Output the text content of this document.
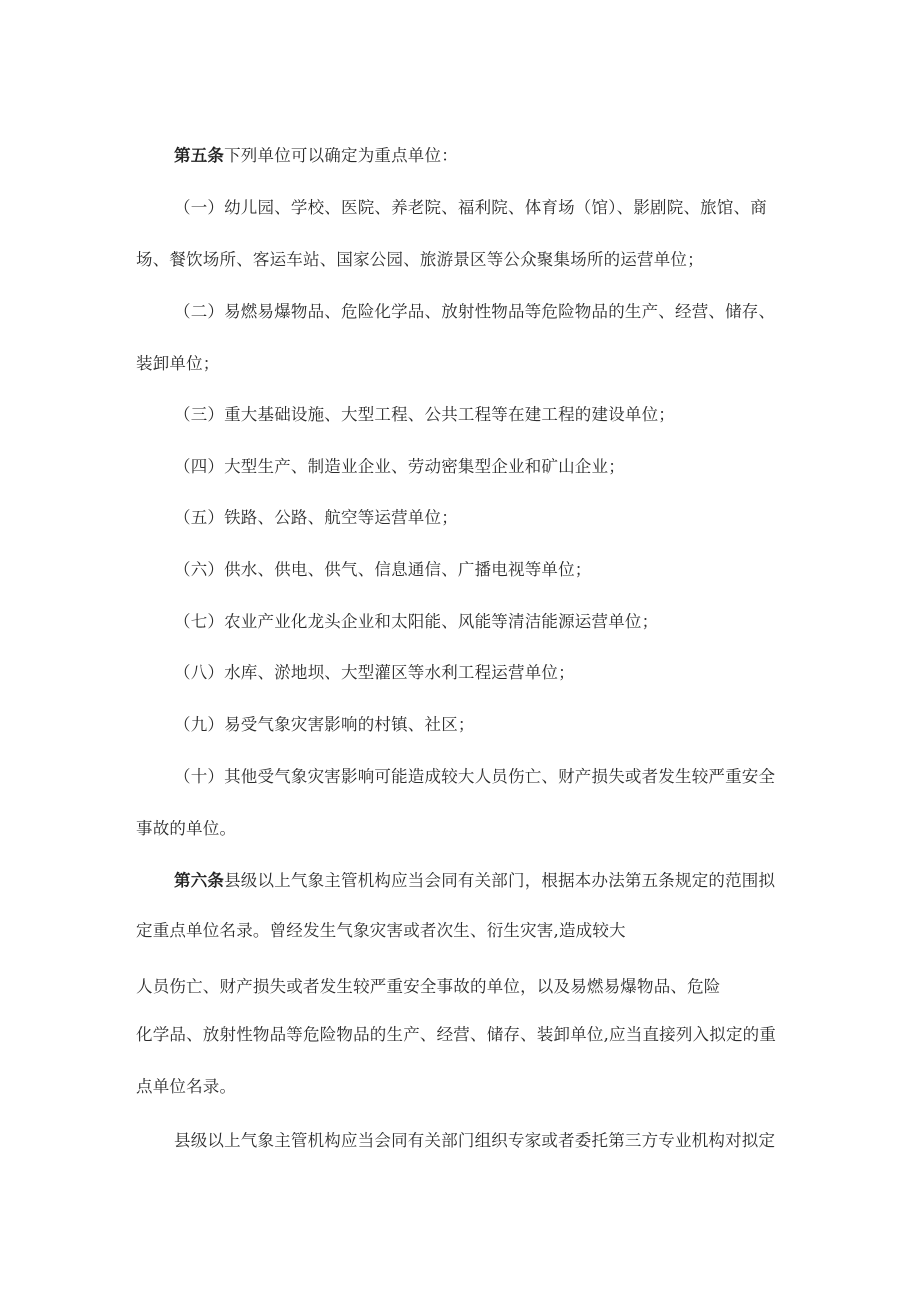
第五条下列单位可以确定为重点单位：
（一）幼儿园、学校、医院、养老院、福利院、体育场（馆）、影剧院、旅馆、商
场、餐饮场所、客运车站、国家公园、旅游景区等公众聚集场所的运营单位；
（二）易燃易爆物品、危险化学品、放射性物品等危险物品的生产、经营、储存、
装卸单位；
（三）重大基础设施、大型工程、公共工程等在建工程的建设单位；
（四）大型生产、制造业企业、劳动密集型企业和矿山企业；
（五）铁路、公路、航空等运营单位；
（六）供水、供电、供气、信息通信、广播电视等单位；
（七）农业产业化龙头企业和太阳能、风能等清洁能源运营单位；
（八）水库、淤地坝、大型灌区等水利工程运营单位；
（九）易受气象灾害影响的村镇、社区；
（十）其他受气象灾害影响可能造成较大人员伤亡、财产损失或者发生较严重安全
事故的单位。
第六条县级以上气象主管机构应当会同有关部门，根据本办法第五条规定的范围拟
定重点单位名录。曾经发生气象灾害或者次生、衍生灾害,造成较大
人员伤亡、财产损失或者发生较严重安全事故的单位，以及易燃易爆物品、危险
化学品、放射性物品等危险物品的生产、经营、储存、装卸单位,应当直接列入拟定的重
点单位名录。
县级以上气象主管机构应当会同有关部门组织专家或者委托第三方专业机构对拟定
